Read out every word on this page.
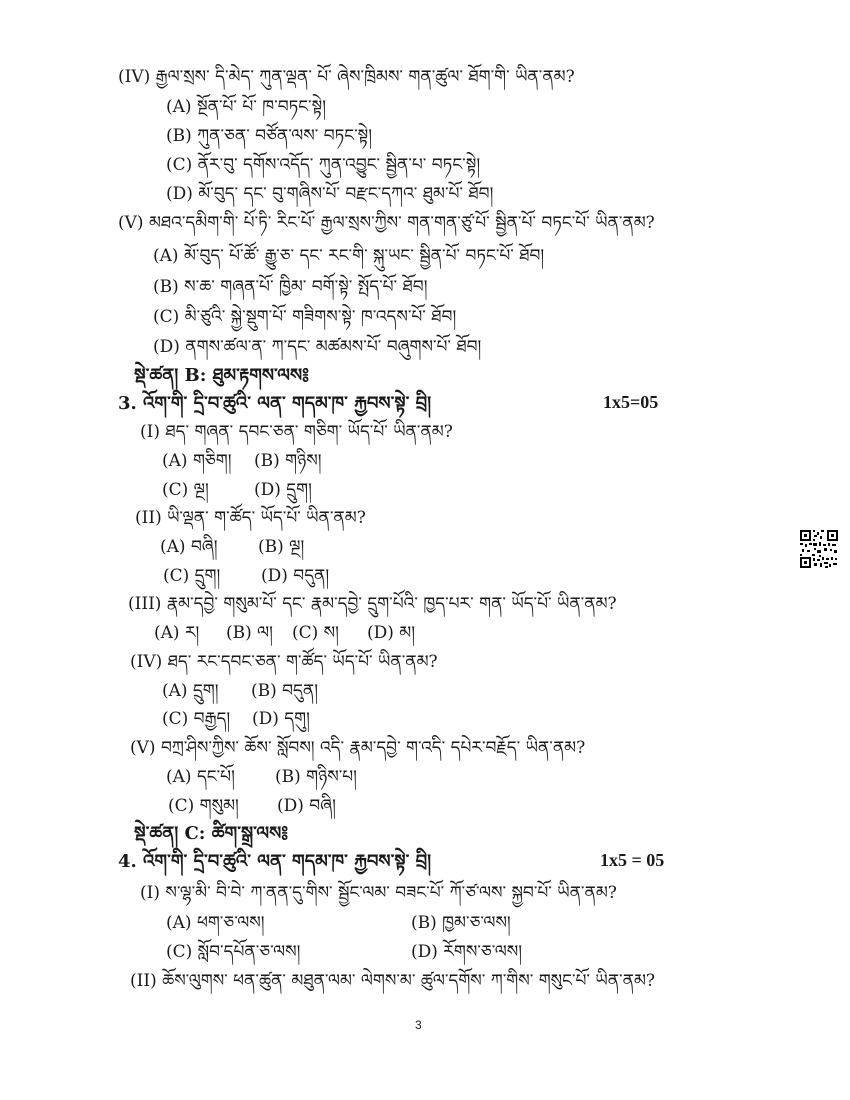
(IV) རྒྱལ་སྲས་ དི་མེད་ ཀུན་ལྡན་ པོ་ ཞེས་ཁྲིམས་ གན་ཚུལ་ ཐོག་གི་ ཡིན་ནམ?
(A) སྔོན་པོ་ པོ་ ཁ་བཏང་སྟེ།
(B) ཀུན་ཅན་ བཙོན་ལས་ བཏང་སྟེ།
(C) ནོར་བུ་ དགོས་འདོད་ ཀུན་འབྱུང་ སྦྱིན་པ་ བཏང་སྟེ།
(D) མོ་བུད་ དང་ བུ་གཞིས་པོ་ བརྫང་དཀའ་ ཐུམ་པོ་ ཐོབ།
(V) མཐའ་དམིག་གི་ པོ་ཏི་ རིང་པོ་ རྒྱལ་སྲས་ཀྱིས་ གན་གན་ཙུ་པོ་ སྦྱིན་པོ་ བཏང་པོ་ ཡིན་ནམ?
(A) མོ་བུད་ པོ་ཚོ་ རྒྱུ་ཅ་ དང་ རང་གི་ སྐུ་ཡང་ སྦྱིན་པོ་ བཏང་པོ་ ཐོབ།
(B) ས་ཆ་ གཞན་པོ་ ཁྱིམ་ བགོ་སྟེ་ སྤོད་པོ་ ཐོབ།
(C) མི་ཙུའི་ སྐྱེ་སྡུག་པོ་ གཟིགས་སྟེ་ ཁ་འདས་པོ་ ཐོབ།
(D) ནགས་ཚལ་ན་ ཀ་དང་ མཚམས་པོ་ བཞུགས་པོ་ ཐོབ།
སྡེ་ཚན། B: ཐུམ་རྟགས་ལས༔
3. འོག་གི་ དྲི་བ་ཚུའི་ ལན་ གདམ་ཁ་ རྐྱབས་སྟེ་ བྲི།	1x5=05
(I) ཐད་ གཞན་ དབང་ཅན་ གཅིག་ ཡོད་པོ་ ཡིན་ནམ?
(A) གཅིག། (B) གཉིས།
(C) ལྔ།	(D) དྲུག།
(II) ཡི་ལྡན་ ག་ཚོད་ ཡོད་པོ་ ཡིན་ནམ?
(A) བཞི། (B) ལྔ།
(C) དྲུག། (D) བདུན།
(III) རྣམ་དབྱེ་ གསུམ་པོ་ དང་ རྣམ་དབྱེ་ དྲུག་པོའི་ ཁྱད་པར་ གན་ ཡོད་པོ་ ཡིན་ནམ?
(A) ར། (B) ལ། (C) ས། (D) མ།
(IV) ཐད་ རང་དབང་ཅན་ ག་ཚོད་ ཡོད་པོ་ ཡིན་ནམ?
(A) དྲུག། (B) བདུན།
(C) བརྒྱད། (D) དགུ།
(V) བཀྲ་ཤིས་ཀྱིས་ ཆོས་ སློབས། འདི་ རྣམ་དབྱེ་ ག་འདི་ དཔེར་བརྗོད་ ཡིན་ནམ?
(A) དང་པོ། (B) གཉིས་པ།
(C) གསུམ། (D) བཞི།
སྡེ་ཚན། C: ཚིག་སྒྲ་ལས༔
4. འོག་གི་ དྲི་བ་ཚུའི་ ལན་ གདམ་ཁ་ རྐྱབས་སྟེ་ བྲི།	1x5 = 05
(I) ས་ལྷ་མི་ བི་བེ་ ཀ་ནན་དུ་གིས་ སྦྱོང་ལམ་ བཟང་པོ་ ཀོ་ཙ་ལས་ སྐྱབ་པོ་ ཡིན་ནམ?
(A) ཕག་ཅ་ལས།	(B) ཁྱམ་ཅ་ལས།
(C) སློབ་དཔོན་ཅ་ལས།	(D) རོགས་ཅ་ལས།
(II) ཆོས་ལུགས་ ཕན་ཚུན་ མཐུན་ལམ་ ལེགས་མ་ ཚུལ་དགོས་ ཀ་གིས་ གསུང་པོ་ ཡིན་ནམ?
3
